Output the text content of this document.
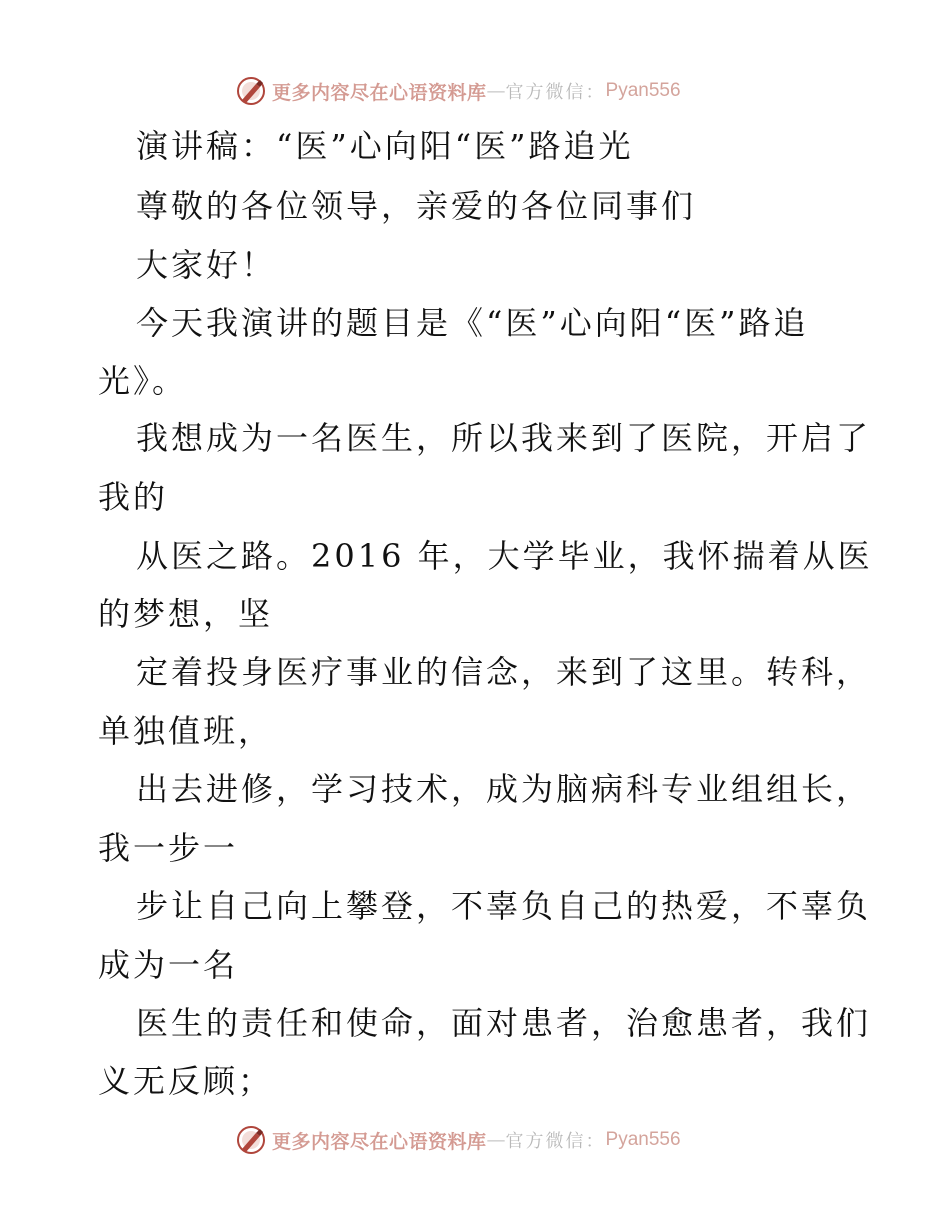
更多内容尽在心语资料库 — 官方微信： Pyan556
演讲稿：“医”心向阳“医”路追光
尊敬的各位领导，亲爱的各位同事们
大家好！
今天我演讲的题目是《“医”心向阳“医”路追
光》。
我想成为一名医生，所以我来到了医院，开启了
我的
从医之路。2016 年，大学毕业，我怀揣着从医
的梦想，坚
定着投身医疗事业的信念，来到了这里。转科，
单独值班，
出去进修，学习技术，成为脑病科专业组组长，
我一步一
步让自己向上攀登，不辜负自己的热爱，不辜负
成为一名
医生的责任和使命，面对患者，治愈患者，我们
义无反顾；
更多内容尽在心语资料库 — 官方微信： Pyan556
